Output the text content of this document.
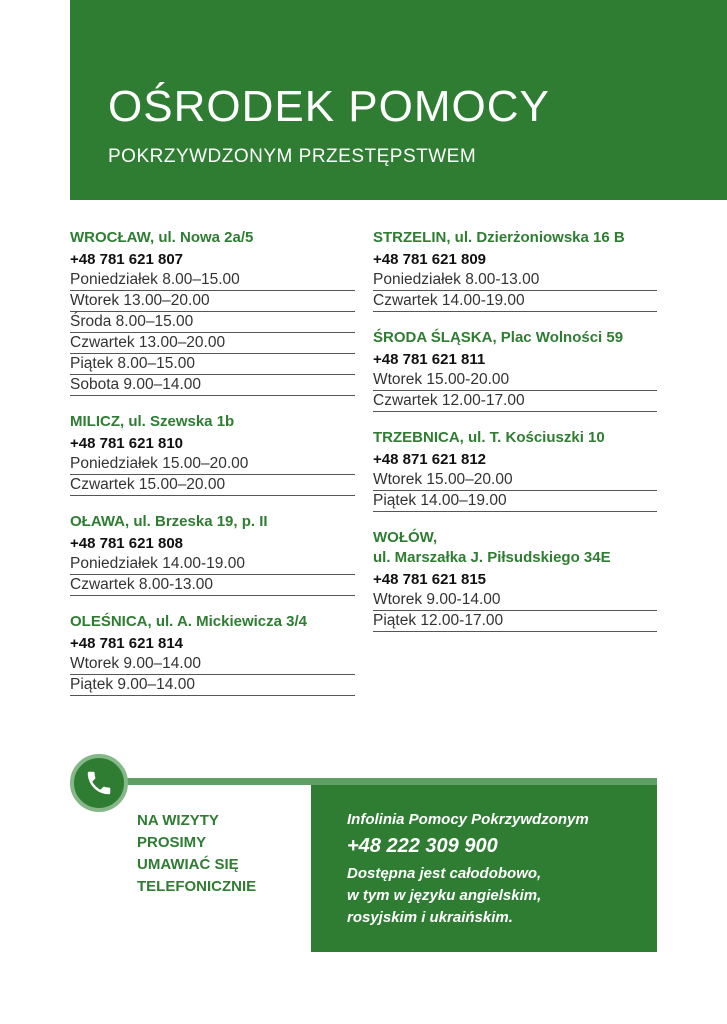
OŚRODEK POMOCY
POKRZYWDZONYM PRZESTĘPSTWEM
WROCŁAW, ul. Nowa 2a/5
+48 781 621 807
Poniedziałek 8.00–15.00
Wtorek 13.00–20.00
Środa 8.00–15.00
Czwartek 13.00–20.00
Piątek 8.00–15.00
Sobota 9.00–14.00
MILICZ, ul. Szewska 1b
+48 781 621 810
Poniedziałek 15.00–20.00
Czwartek 15.00–20.00
OŁAWA, ul. Brzeska 19, p. II
+48 781 621 808
Poniedziałek 14.00-19.00
Czwartek 8.00-13.00
OLEŚNICA, ul. A. Mickiewicza 3/4
+48 781 621 814
Wtorek 9.00–14.00
Piątek 9.00–14.00
STRZELIN, ul. Dzierżoniowska 16 B
+48 781 621 809
Poniedziałek 8.00-13.00
Czwartek 14.00-19.00
ŚRODA ŚLĄSKA, Plac Wolności 59
+48 781 621 811
Wtorek 15.00-20.00
Czwartek 12.00-17.00
TRZEBNICA, ul. T. Kościuszki 10
+48 871 621 812
Wtorek 15.00–20.00
Piątek 14.00–19.00
WOŁÓW,
ul. Marszałka J. Piłsudskiego 34E
+48 781 621 815
Wtorek 9.00-14.00
Piątek 12.00-17.00
NA WIZYTY
PROSIMY
UMAWIAĆ SIĘ
TELEFONICZNIE
Infolinia Pomocy Pokrzywdzonym
+48 222 309 900
Dostępna jest całodobowo,
w tym w języku angielskim,
rosyjskim i ukraińskim.
